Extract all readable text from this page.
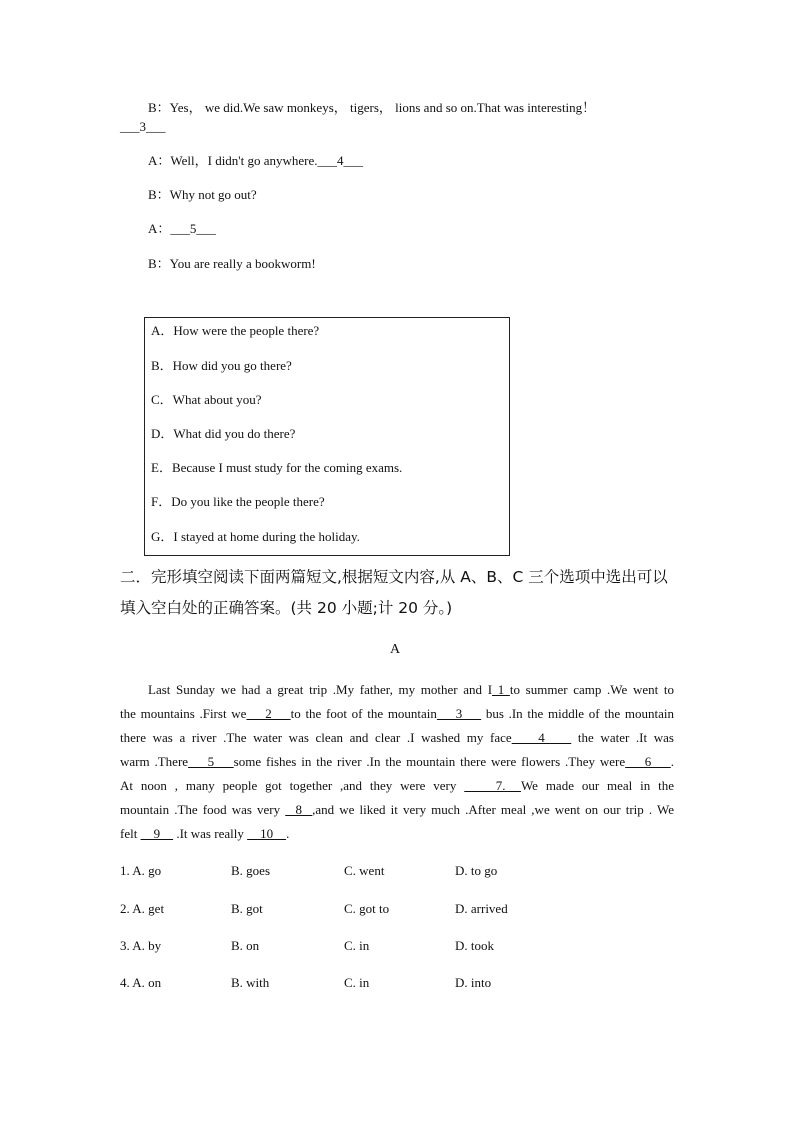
B：Yes， we did.We saw monkeys， tigers， lions and so on.That was interesting！
___3___
A：Well，I didn't go anywhere.___4___
B：Why not go out?
A：___5___
B：You are really a bookworm!
A．How were the people there?
B．How did you go there?
C．What about you?
D．What did you do there?
E．Because I must study for the coming exams.
F．Do you like the people there?
G．I stayed at home during the holiday.
二．完形填空阅读下面两篇短文,根据短文内容,从 A、B、C 三个选项中选出可以
填入空白处的正确答案。(共 20 小题;计 20 分。)
A
Last Sunday we had a great trip .My father, my mother and I 1 to summer camp .We went to
the mountains .First we    2    to the foot of the mountain    3     bus .In the middle of the mountain
there was a river .The water was clean and clear .I washed my face    4     the water .It was
warm .There    5    some fishes in the river .In the mountain there were flowers .They were    6    .
At noon , many people got together ,and they were very     7.  We made our meal in the
mountain .The food was very   8  ,and we liked it very much .After meal ,we went on our trip . We
felt     9     .It was really     10    .
1. A. go	B. goes	C. went	D. to go
2. A. get	B. got	C. got to	D. arrived
3. A. by	B. on	C. in	D. took
4. A. on	B. with	C. in	D. into
